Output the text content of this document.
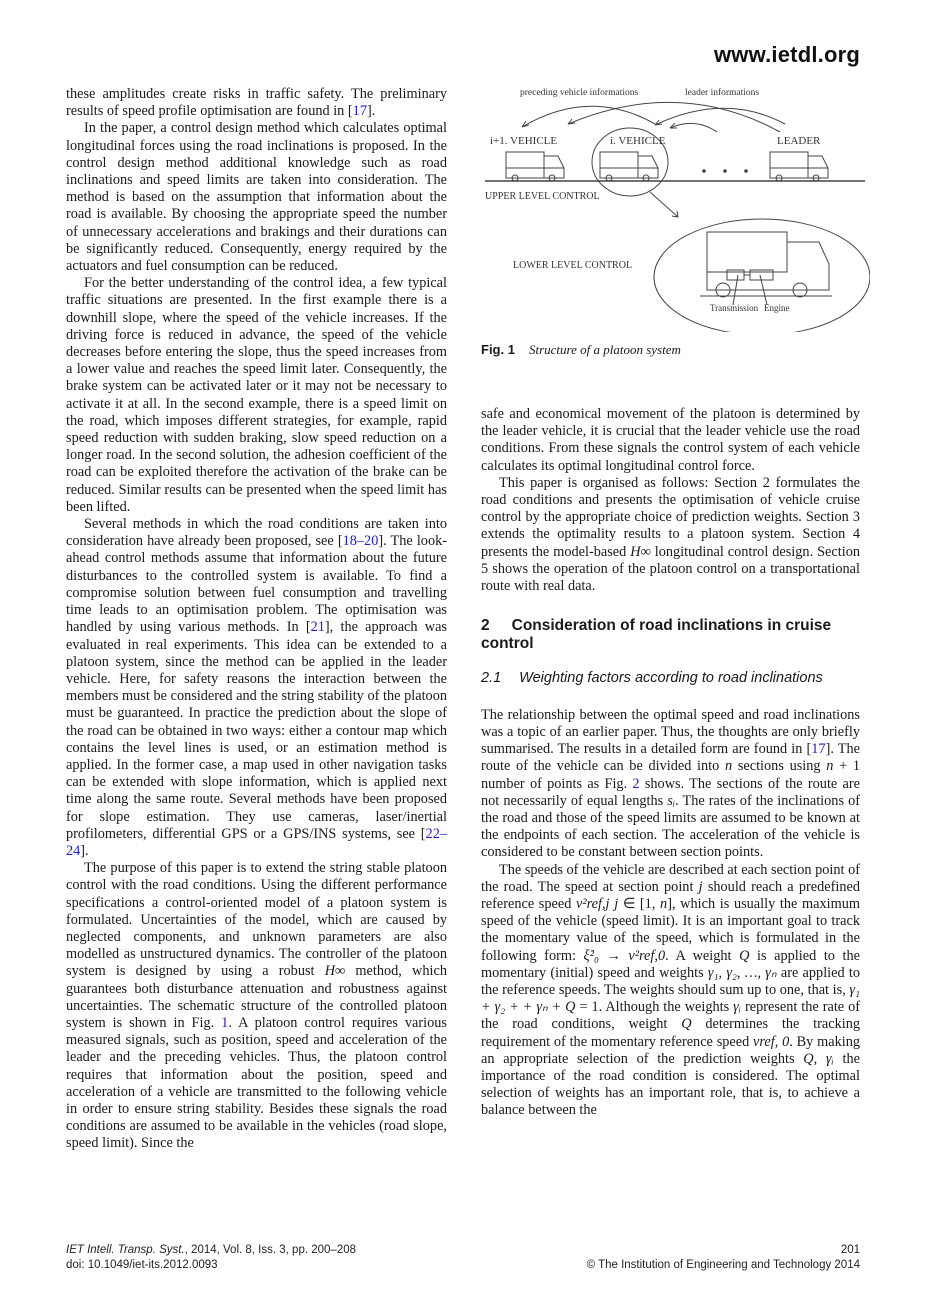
www.ietdl.org

these amplitudes create risks in traffic safety. The preliminary results of speed profile optimisation are found in [17].

In the paper, a control design method which calculates optimal longitudinal forces using the road inclinations is proposed. In the control design method additional knowledge such as road inclinations and speed limits are taken into consideration. The method is based on the assumption that information about the road is available. By choosing the appropriate speed the number of unnecessary accelerations and brakings and their durations can be significantly reduced. Consequently, energy required by the actuators and fuel consumption can be reduced.

For the better understanding of the control idea, a few typical traffic situations are presented. In the first example there is a downhill slope, where the speed of the vehicle increases. If the driving force is reduced in advance, the speed of the vehicle decreases before entering the slope, thus the speed increases from a lower value and reaches the speed limit later. Consequently, the brake system can be activated later or it may not be necessary to activate it at all. In the second example, there is a speed limit on the road, which imposes different strategies, for example, rapid speed reduction with sudden braking, slow speed reduction on a longer road. In the second solution, the adhesion coefficient of the road can be exploited therefore the activation of the brake can be reduced. Similar results can be presented when the speed limit has been lifted.

Several methods in which the road conditions are taken into consideration have already been proposed, see [18–20]. The look-ahead control methods assume that information about the future disturbances to the controlled system is available. To find a compromise solution between fuel consumption and travelling time leads to an optimisation problem. The optimisation was handled by using various methods. In [21], the approach was evaluated in real experiments. This idea can be extended to a platoon system, since the method can be applied in the leader vehicle. Here, for safety reasons the interaction between the members must be considered and the string stability of the platoon must be guaranteed. In practice the prediction about the slope of the road can be obtained in two ways: either a contour map which contains the level lines is used, or an estimation method is applied. In the former case, a map used in other navigation tasks can be extended with slope information, which is applied next time along the same route. Several methods have been proposed for slope estimation. They use cameras, laser/inertial profilometers, differential GPS or a GPS/INS systems, see [22–24].

The purpose of this paper is to extend the string stable platoon control with the road conditions. Using the different performance specifications a control-oriented model of a platoon system is formulated. Uncertainties of the model, which are caused by neglected components, and unknown parameters are also modelled as unstructured dynamics. The controller of the platoon system is designed by using a robust H∞ method, which guarantees both disturbance attenuation and robustness against uncertainties. The schematic structure of the controlled platoon system is shown in Fig. 1. A platoon control requires various measured signals, such as position, speed and acceleration of the leader and the preceding vehicles. Thus, the platoon control requires that information about the position, speed and acceleration of a vehicle are transmitted to the following vehicle in order to ensure string stability. Besides these signals the road conditions are assumed to be available in the vehicles (road slope, speed limit). Since the

preceding vehicle informations	leader informations
i+1. VEHICLE	i. VEHICLE	LEADER
UPPER LEVEL CONTROL
LOWER LEVEL CONTROL
Transmission Engine
Fig. 1 Structure of a platoon system

safe and economical movement of the platoon is determined by the leader vehicle, it is crucial that the leader vehicle use the road conditions. From these signals the control system of each vehicle calculates its optimal longitudinal control force.

This paper is organised as follows: Section 2 formulates the road conditions and presents the optimisation of vehicle cruise control by the appropriate choice of prediction weights. Section 3 extends the optimality results to a platoon system. Section 4 presents the model-based H∞ longitudinal control design. Section 5 shows the operation of the platoon control on a transportational route with real data.

2 Consideration of road inclinations in cruise control
2.1 Weighting factors according to road inclinations

The relationship between the optimal speed and road inclinations was a topic of an earlier paper. Thus, the thoughts are only briefly summarised. The results in a detailed form are found in [17]. The route of the vehicle can be divided into n sections using n + 1 number of points as Fig. 2 shows. The sections of the route are not necessarily of equal lengths sᵢ. The rates of the inclinations of the road and those of the speed limits are assumed to be known at the endpoints of each section. The acceleration of the vehicle is considered to be constant between section points.

The speeds of the vehicle are described at each section point of the road. The speed at section point j should reach a predefined reference speed v²ref,j j ∈ [1, n], which is usually the maximum speed of the vehicle (speed limit). It is an important goal to track the momentary value of the speed, which is formulated in the following form: ξ̇²₀ → v²ref,0. A weight Q is applied to the momentary (initial) speed and weights γ₁, γ₂, …, γₙ are applied to the reference speeds. The weights should sum up to one, that is, γ₁ + γ₂ + + γₙ + Q = 1. Although the weights γᵢ represent the rate of the road conditions, weight Q determines the tracking requirement of the momentary reference speed vref, 0. By making an appropriate selection of the prediction weights Q, γᵢ the importance of the road condition is considered. The optimal selection of weights has an important role, that is, to achieve a balance between the

IET Intell. Transp. Syst., 2014, Vol. 8, Iss. 3, pp. 200–208
doi: 10.1049/iet-its.2012.0093
201
© The Institution of Engineering and Technology 2014
